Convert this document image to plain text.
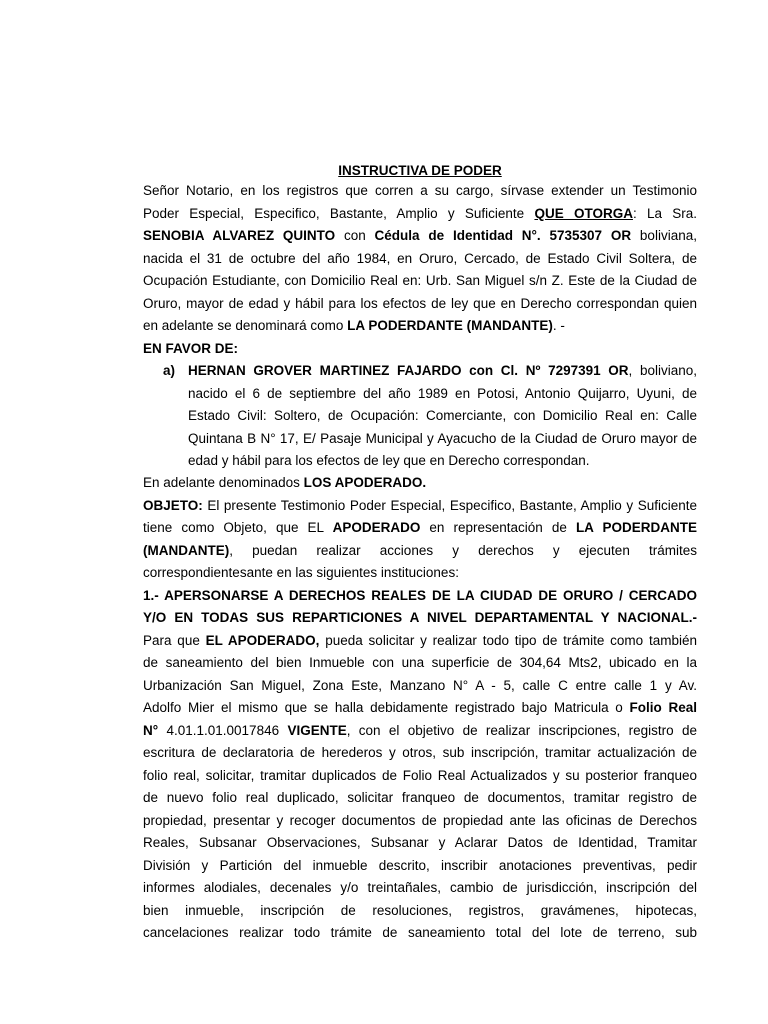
INSTRUCTIVA DE PODER
Señor Notario, en los registros que corren a su cargo, sírvase extender un Testimonio
Poder Especial, Especifico, Bastante, Amplio y Suficiente QUE OTORGA: La Sra.
SENOBIA ALVAREZ QUINTO con Cédula de Identidad N°. 5735307 OR boliviana,
nacida el 31 de octubre del año 1984, en Oruro, Cercado, de Estado Civil Soltera, de
Ocupación Estudiante, con Domicilio Real en: Urb. San Miguel s/n Z. Este de la Ciudad de
Oruro, mayor de edad y hábil para los efectos de ley que en Derecho correspondan quien
en adelante se denominará como LA PODERDANTE (MANDANTE). -
EN FAVOR DE:
a) HERNAN GROVER MARTINEZ FAJARDO con Cl. Nº 7297391 OR, boliviano,
nacido el 6 de septiembre del año 1989 en Potosi, Antonio Quijarro, Uyuni, de
Estado Civil: Soltero, de Ocupación: Comerciante, con Domicilio Real en: Calle
Quintana B N° 17, E/ Pasaje Municipal y Ayacucho de la Ciudad de Oruro mayor de
edad y hábil para los efectos de ley que en Derecho correspondan.
En adelante denominados LOS APODERADO.
OBJETO: El presente Testimonio Poder Especial, Especifico, Bastante, Amplio y Suficiente
tiene como Objeto, que EL APODERADO en representación de LA PODERDANTE
(MANDANTE), puedan realizar acciones y derechos y ejecuten trámites
correspondientesante en las siguientes instituciones:
1.- APERSONARSE A DERECHOS REALES DE LA CIUDAD DE ORURO / CERCADO
Y/O EN TODAS SUS REPARTICIONES A NIVEL DEPARTAMENTAL Y NACIONAL.-
Para que EL APODERADO, pueda solicitar y realizar todo tipo de trámite como también
de saneamiento del bien Inmueble con una superficie de 304,64 Mts2, ubicado en la
Urbanización San Miguel, Zona Este, Manzano N° A - 5, calle C entre calle 1 y Av.
Adolfo Mier el mismo que se halla debidamente registrado bajo Matricula o Folio Real
N° 4.01.1.01.0017846 VIGENTE, con el objetivo de realizar inscripciones, registro de
escritura de declaratoria de herederos y otros, sub inscripción, tramitar actualización de
folio real, solicitar, tramitar duplicados de Folio Real Actualizados y su posterior franqueo
de nuevo folio real duplicado, solicitar franqueo de documentos, tramitar registro de
propiedad, presentar y recoger documentos de propiedad ante las oficinas de Derechos
Reales, Subsanar Observaciones, Subsanar y Aclarar Datos de Identidad, Tramitar
División y Partición del inmueble descrito, inscribir anotaciones preventivas, pedir
informes alodiales, decenales y/o treintañales, cambio de jurisdicción, inscripción del
bien inmueble, inscripción de resoluciones, registros, gravámenes, hipotecas,
cancelaciones realizar todo trámite de saneamiento total del lote de terreno, sub
